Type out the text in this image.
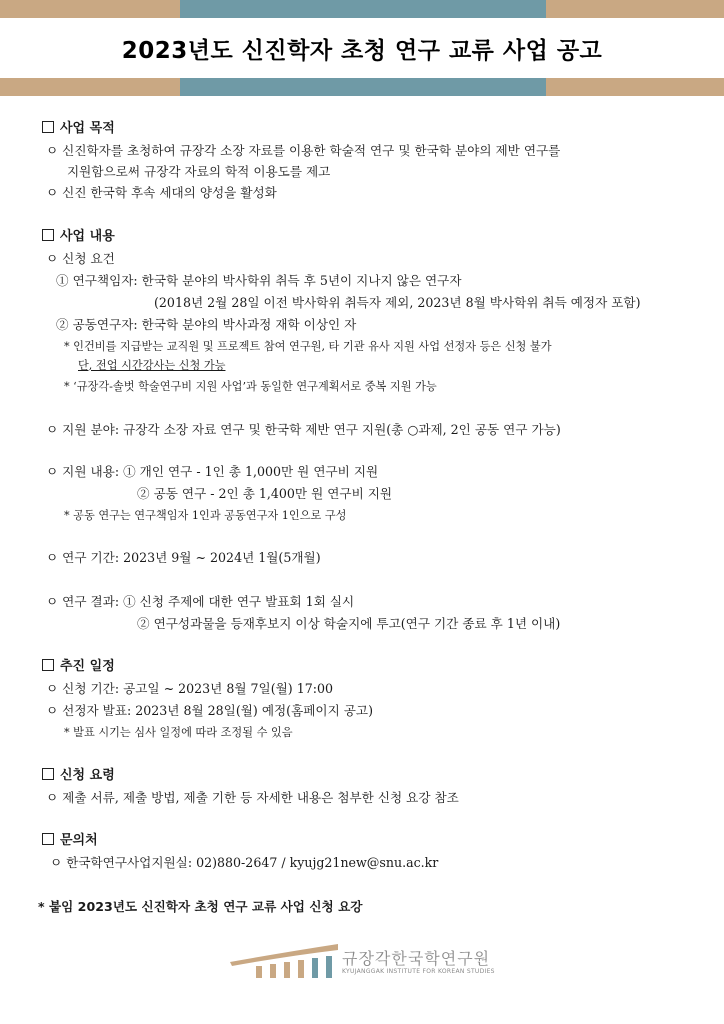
2023년도 신진학자 초청 연구 교류 사업 공고
사업 목적
ㅇ 신진학자를 초청하여 규장각 소장 자료를 이용한 학술적 연구 및 한국학 분야의 제반 연구를
지원함으로써 규장각 자료의 학적 이용도를 제고
ㅇ 신진 한국학 후속 세대의 양성을 활성화
사업 내용
ㅇ 신청 요건
① 연구책임자: 한국학 분야의 박사학위 취득 후 5년이 지나지 않은 연구자
(2018년 2월 28일 이전 박사학위 취득자 제외, 2023년 8월 박사학위 취득 예정자 포함)
② 공동연구자: 한국학 분야의 박사과정 재학 이상인 자
* 인건비를 지급받는 교직원 및 프로젝트 참여 연구원, 타 기관 유사 지원 사업 선정자 등은 신청 불가
단, 전업 시간강사는 신청 가능
* ‘규장각-솔벗 학술연구비 지원 사업’과 동일한 연구계획서로 중복 지원 가능
ㅇ 지원 분야: 규장각 소장 자료 연구 및 한국학 제반 연구 지원(총 ○과제, 2인 공동 연구 가능)
ㅇ 지원 내용: ① 개인 연구 - 1인 총 1,000만 원 연구비 지원
② 공동 연구 - 2인 총 1,400만 원 연구비 지원
* 공동 연구는 연구책임자 1인과 공동연구자 1인으로 구성
ㅇ 연구 기간: 2023년 9월 ~ 2024년 1월(5개월)
ㅇ 연구 결과: ① 신청 주제에 대한 연구 발표회 1회 실시
② 연구성과물을 등재후보지 이상 학술지에 투고(연구 기간 종료 후 1년 이내)
추진 일정
ㅇ 신청 기간: 공고일 ~ 2023년 8월 7일(월) 17:00
ㅇ 선정자 발표: 2023년 8월 28일(월) 예정(홈페이지 공고)
* 발표 시기는 심사 일정에 따라 조정될 수 있음
신청 요령
ㅇ 제출 서류, 제출 방법, 제출 기한 등 자세한 내용은 첨부한 신청 요강 참조
문의처
ㅇ 한국학연구사업지원실: 02)880-2647 / kyujg21new@snu.ac.kr
* 붙임 2023년도 신진학자 초청 연구 교류 사업 신청 요강
규장각한국학연구원
KYUJANGGAK INSTITUTE FOR KOREAN STUDIES
